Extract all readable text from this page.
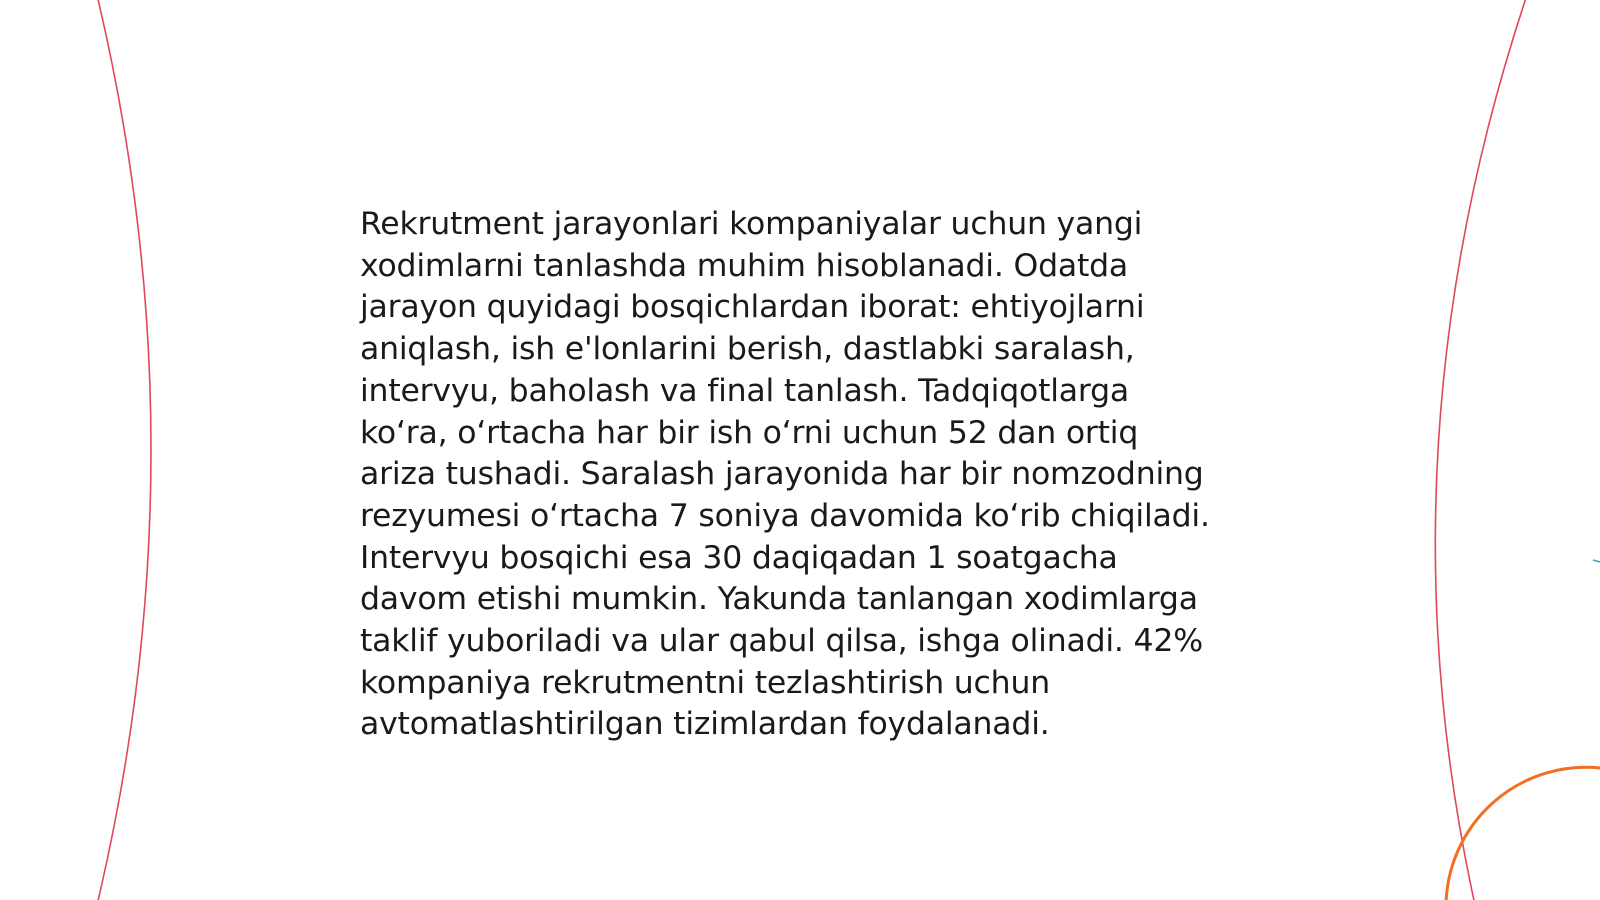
Rekrutment jarayonlari kompaniyalar uchun yangi
xodimlarni tanlashda muhim hisoblanadi. Odatda
jarayon quyidagi bosqichlardan iborat: ehtiyojlarni
aniqlash, ish e'lonlarini berish, dastlabki saralash,
intervyu, baholash va final tanlash. Tadqiqotlarga
koʻra, oʻrtacha har bir ish oʻrni uchun 52 dan ortiq
ariza tushadi. Saralash jarayonida har bir nomzodning
rezyumesi oʻrtacha 7 soniya davomida koʻrib chiqiladi.
Intervyu bosqichi esa 30 daqiqadan 1 soatgacha
davom etishi mumkin. Yakunda tanlangan xodimlarga
taklif yuboriladi va ular qabul qilsa, ishga olinadi. 42%
kompaniya rekrutmentni tezlashtirish uchun
avtomatlashtirilgan tizimlardan foydalanadi.
